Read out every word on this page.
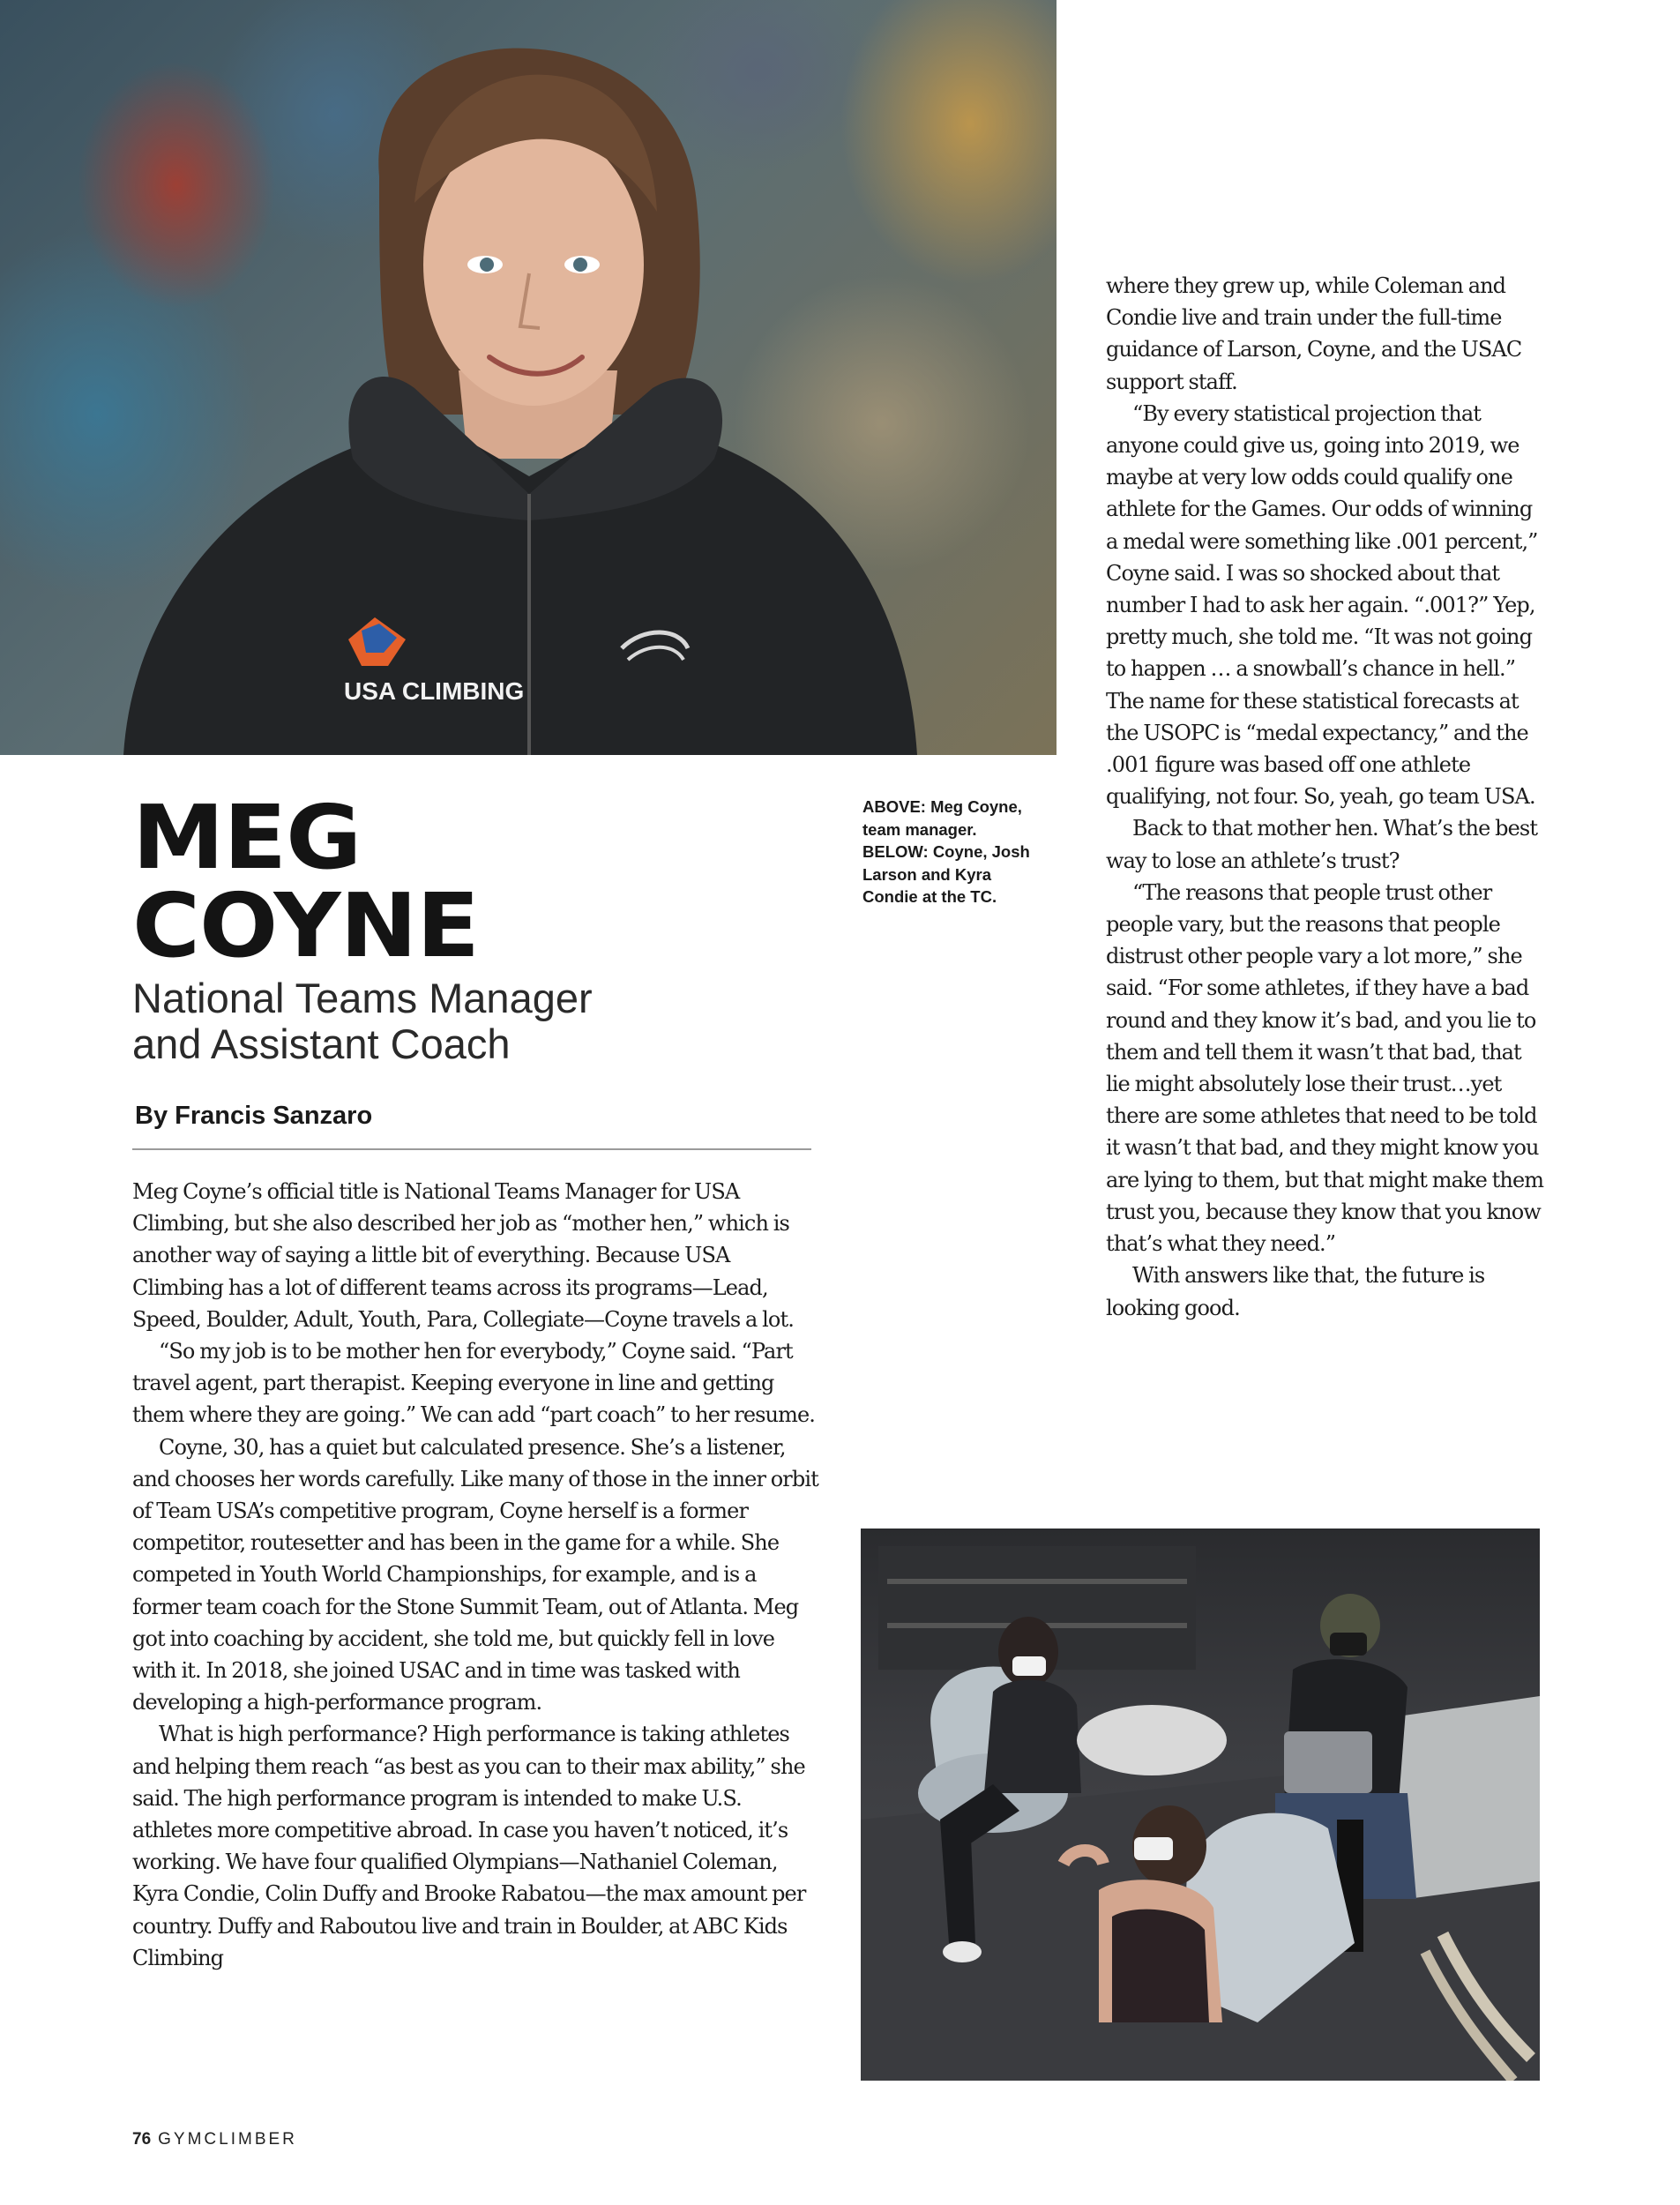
USA CLIMBING
MEG
COYNE
National Teams Manager
and Assistant Coach
By Francis Sanzaro
ABOVE: Meg Coyne,
team manager.
BELOW: Coyne, Josh
Larson and Kyra
Condie at the TC.

Meg Coyne’s official title is National Teams Manager for USA Climbing, but she also described her job as “mother hen,” which is another way of saying a little bit of everything. Because USA Climbing has a lot of different teams across its programs—Lead, Speed, Boulder, Adult, Youth, Para, Collegiate—Coyne travels a lot.

“So my job is to be mother hen for everybody,” Coyne said. “Part travel agent, part therapist. Keeping everyone in line and getting them where they are going.” We can add “part coach” to her resume.

Coyne, 30, has a quiet but calculated presence. She’s a listener, and chooses her words carefully. Like many of those in the inner orbit of Team USA’s competitive program, Coyne herself is a former competitor, routesetter and has been in the game for a while. She competed in Youth World Championships, for example, and is a former team coach for the Stone Summit Team, out of Atlanta. Meg got into coaching by accident, she told me, but quickly fell in love with it. In 2018, she joined USAC and in time was tasked with developing a high-performance program.

What is high performance? High performance is taking athletes and helping them reach “as best as you can to their max ability,” she said. The high performance program is intended to make U.S. athletes more competitive abroad. In case you haven’t noticed, it’s working. We have four qualified Olympians—Nathaniel Coleman, Kyra Condie, Colin Duffy and Brooke Rabatou—the max amount per country. Duffy and Raboutou live and train in Boulder, at ABC Kids Climbing

where they grew up, while Coleman and Condie live and train under the full-time guidance of Larson, Coyne, and the USAC support staff.

“By every statistical projection that anyone could give us, going into 2019, we maybe at very low odds could qualify one athlete for the Games. Our odds of winning a medal were something like .001 percent,” Coyne said. I was so shocked about that number I had to ask her again. “.001?” Yep, pretty much, she told me. “It was not going to happen … a snowball’s chance in hell.” The name for these statistical forecasts at the USOPC is “medal expectancy,” and the .001 figure was based off one athlete qualifying, not four. So, yeah, go team USA.

Back to that mother hen. What’s the best way to lose an athlete’s trust?

“The reasons that people trust other people vary, but the reasons that people distrust other people vary a lot more,” she said. “For some athletes, if they have a bad round and they know it’s bad, and you lie to them and tell them it wasn’t that bad, that lie might absolutely lose their trust…yet there are some athletes that need to be told it wasn’t that bad, and they might know you are lying to them, but that might make them trust you, because they know that you know that’s what they need.”

With answers like that, the future is looking good.

76 GYMCLIMBER
